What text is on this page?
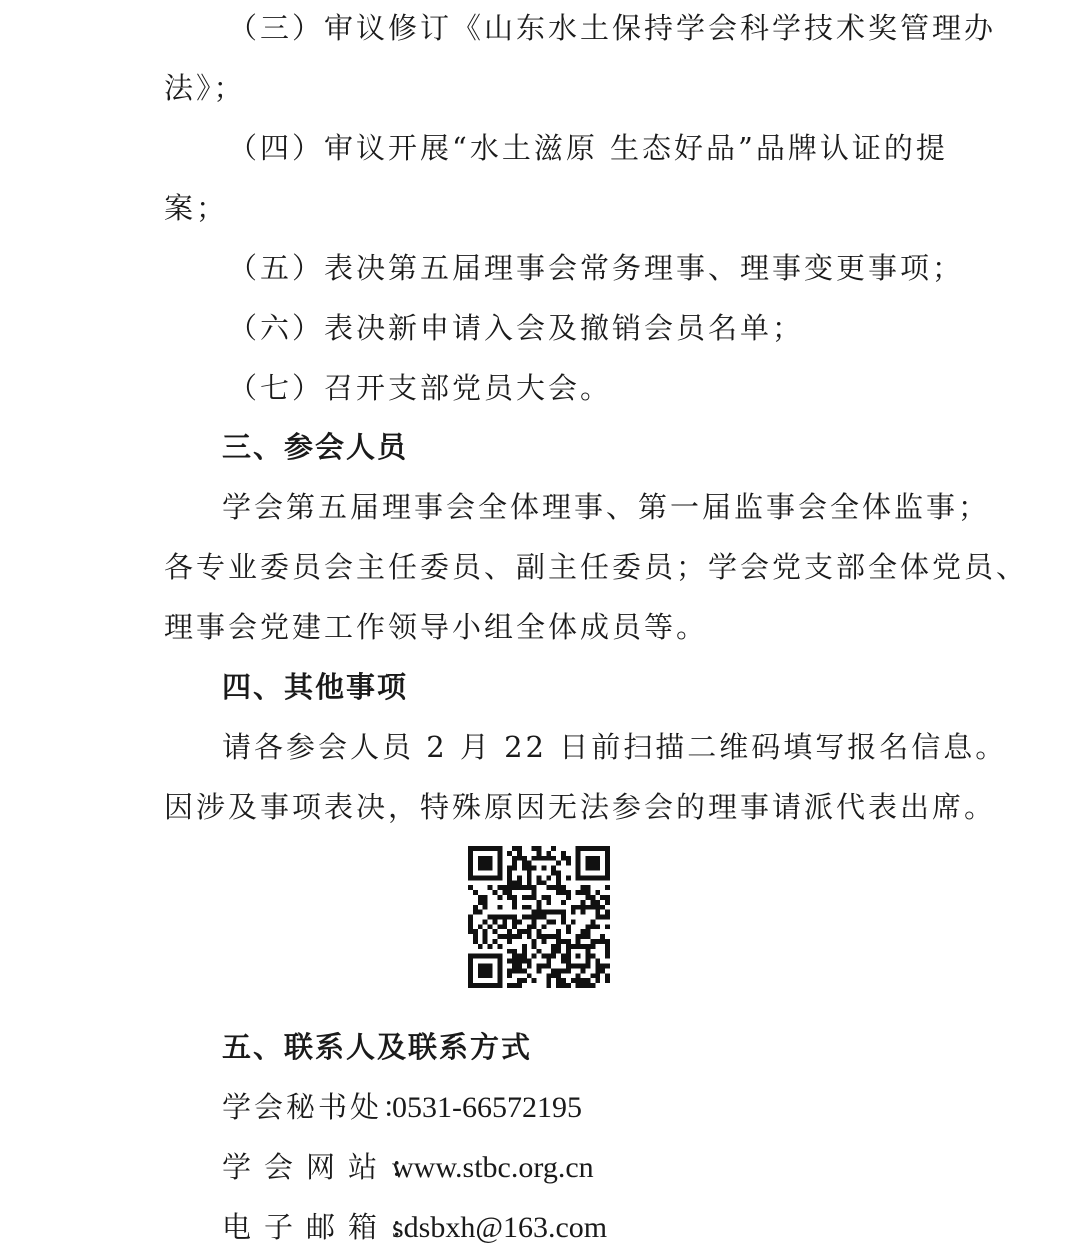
（三）审议修订《山东水土保持学会科学技术奖管理办
法》；
（四）审议开展“水土滋原 生态好品”品牌认证的提
案；
（五）表决第五届理事会常务理事、理事变更事项；
（六）表决新申请入会及撤销会员名单；
（七）召开支部党员大会。
三、参会人员
学会第五届理事会全体理事、第一届监事会全体监事；
各专业委员会主任委员、副主任委员；学会党支部全体党员、
理事会党建工作领导小组全体成员等。
四、其他事项
请各参会人员 2 月 22 日前扫描二维码填写报名信息。
因涉及事项表决，特殊原因无法参会的理事请派代表出席。
五、联系人及联系方式
学会秘书处：0531-66572195
学会网站：www.stbc.org.cn
电子邮箱：sdsbxh@163.com
